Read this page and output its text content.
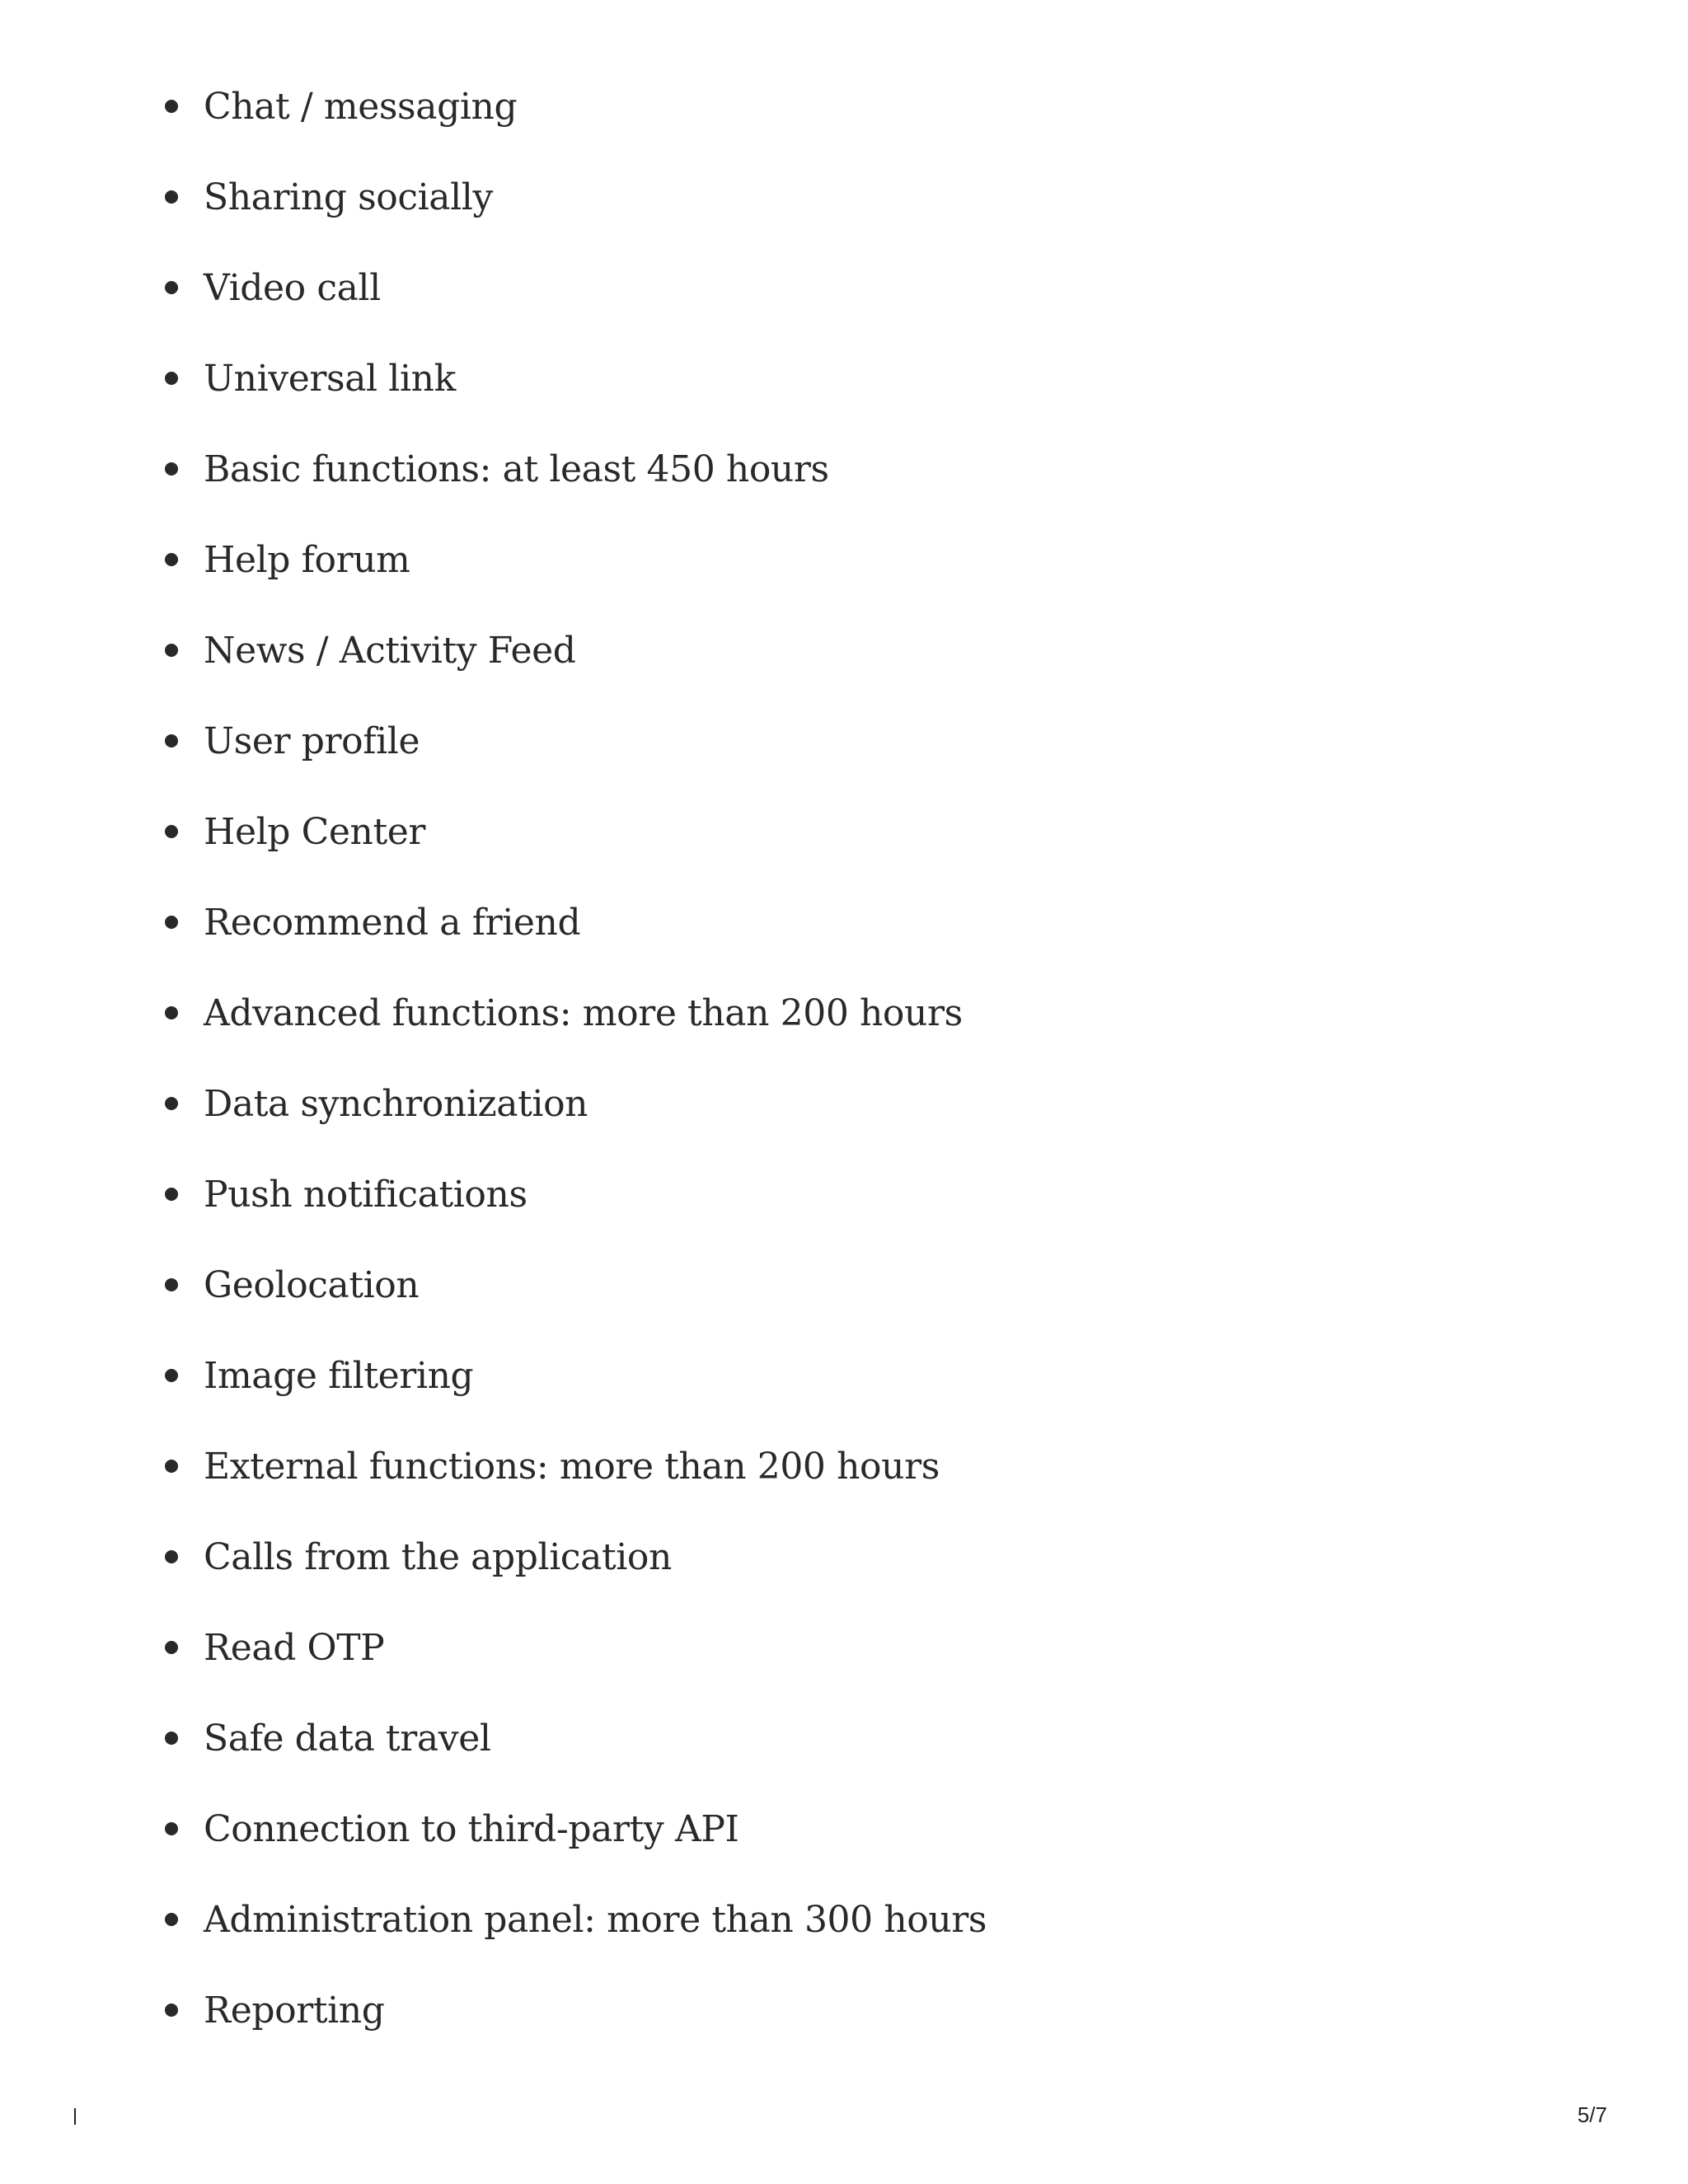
Chat / messaging
Sharing socially
Video call
Universal link
Basic functions: at least 450 hours
Help forum
News / Activity Feed
User profile
Help Center
Recommend a friend
Advanced functions: more than 200 hours
Data synchronization
Push notifications
Geolocation
Image filtering
External functions: more than 200 hours
Calls from the application
Read OTP
Safe data travel
Connection to third-party API
Administration panel: more than 300 hours
Reporting
5/7
